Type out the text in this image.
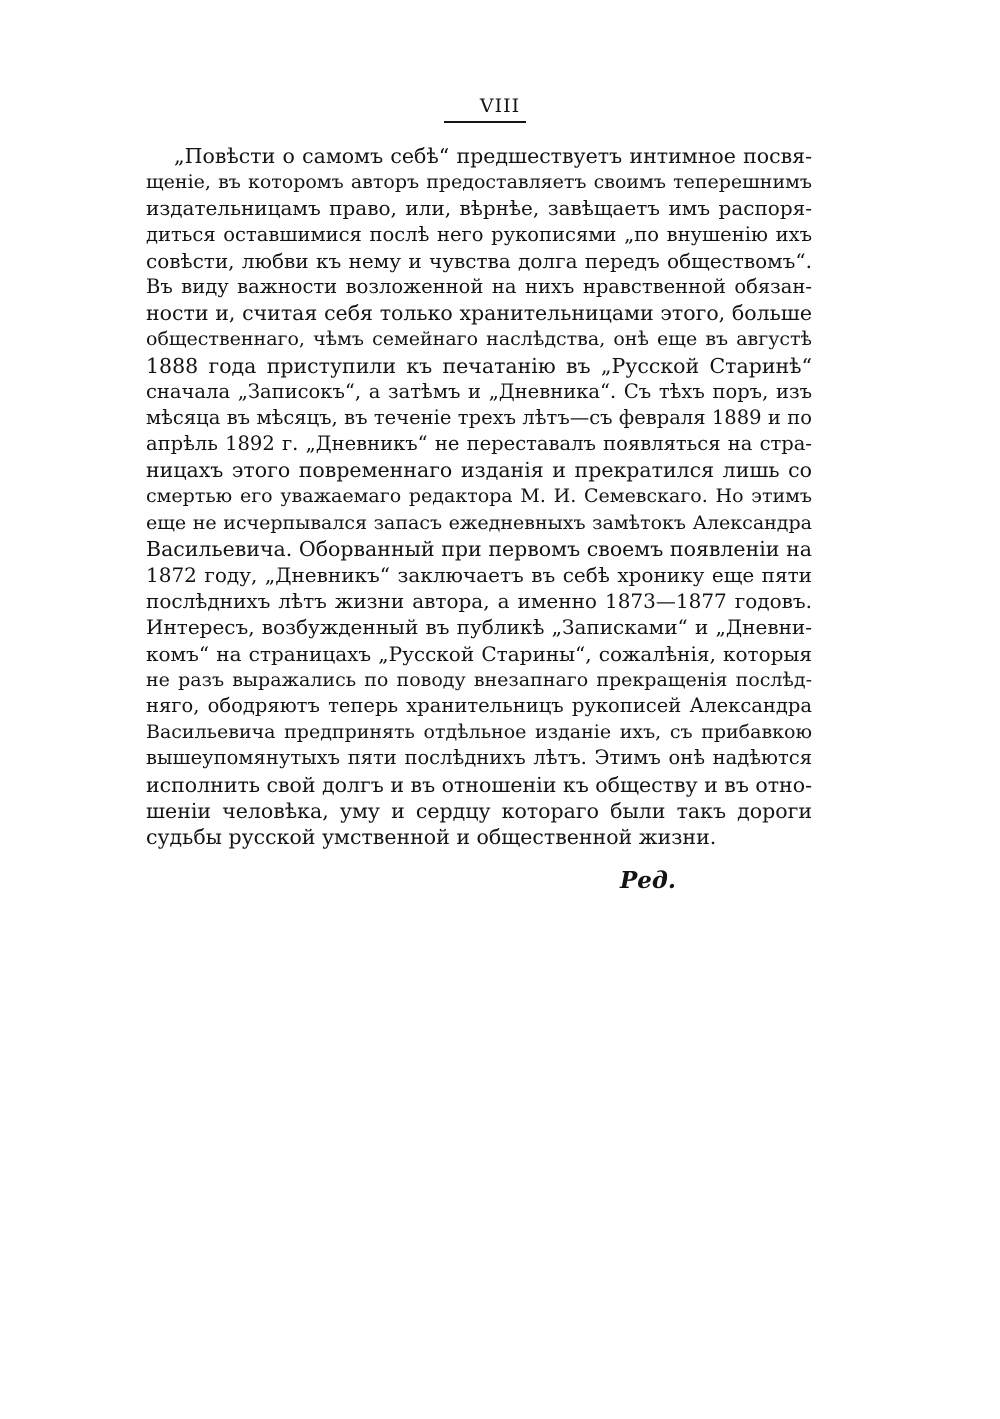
VIII
„Повѣсти о самомъ себѣ“ предшествуетъ интимное посвя-
щеніе, въ которомъ авторъ предоставляетъ своимъ теперешнимъ
издательницамъ право, или, вѣрнѣе, завѣщаетъ имъ распоря-
диться оставшимися послѣ него рукописями „по внушенію ихъ
совѣсти, любви къ нему и чувства долга передъ обществомъ“.
Въ виду важности возложенной на нихъ нравственной обязан-
ности и, считая себя только хранительницами этого, больше
общественнаго, чѣмъ семейнаго наслѣдства, онѣ еще въ августѣ
1888 года приступили къ печатанію въ „Русской Старинѣ“
сначала „Записокъ“, а затѣмъ и „Дневника“. Съ тѣхъ поръ, изъ
мѣсяца въ мѣсяцъ, въ теченіе трехъ лѣтъ—съ февраля 1889 и по
апрѣль 1892 г. „Дневникъ“ не переставалъ появляться на стра-
ницахъ этого повременнаго изданія и прекратился лишь со
смертью его уважаемаго редактора М. И. Семевскаго. Но этимъ
еще не исчерпывался запасъ ежедневныхъ замѣтокъ Александра
Васильевича. Оборванный при первомъ своемъ появленіи на
1872 году, „Дневникъ“ заключаетъ въ себѣ хронику еще пяти
послѣднихъ лѣтъ жизни автора, а именно 1873—1877 годовъ.
Интересъ, возбужденный въ публикѣ „Записками“ и „Дневни-
комъ“ на страницахъ „Русской Старины“, сожалѣнія, которыя
не разъ выражались по поводу внезапнаго прекращенія послѣд-
няго, ободряютъ теперь хранительницъ рукописей Александра
Васильевича предпринять отдѣльное изданіе ихъ, съ прибавкою
вышеупомянутыхъ пяти послѣднихъ лѣтъ. Этимъ онѣ надѣются
исполнить свой долгъ и въ отношеніи къ обществу и въ отно-
шеніи человѣка, уму и сердцу котораго были такъ дороги
судьбы русской умственной и общественной жизни.
Ред.
